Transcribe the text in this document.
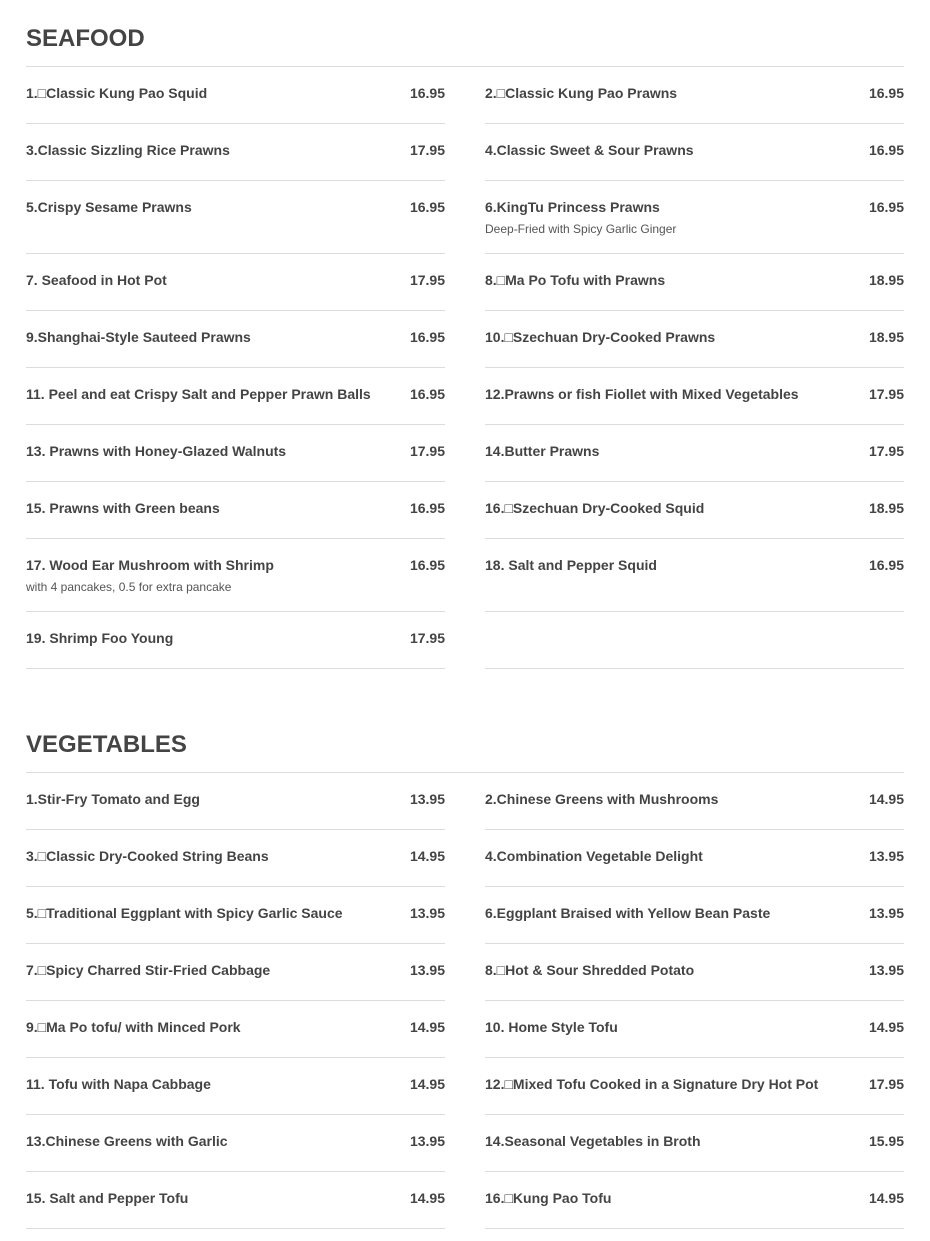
SEAFOOD
1.□Classic Kung Pao Squid	16.95	2.□Classic Kung Pao Prawns	16.95
3.Classic Sizzling Rice Prawns	17.95	4.Classic Sweet & Sour Prawns	16.95
5.Crispy Sesame Prawns	16.95	6.KingTu Princess Prawns	16.95
Deep-Fried with Spicy Garlic Ginger
7. Seafood in Hot Pot	17.95	8.□Ma Po Tofu with Prawns	18.95
9.Shanghai-Style Sauteed Prawns	16.95	10.□Szechuan Dry-Cooked Prawns	18.95
11. Peel and eat Crispy Salt and Pepper Prawn Balls	16.95	12.Prawns or fish Fiollet with Mixed Vegetables	17.95
13. Prawns with Honey-Glazed Walnuts	17.95	14.Butter Prawns	17.95
15. Prawns with Green beans	16.95	16.□Szechuan Dry-Cooked Squid	18.95
17. Wood Ear Mushroom with Shrimp	16.95
with 4 pancakes, 0.5 for extra pancake
18. Salt and Pepper Squid	16.95
19. Shrimp Foo Young	17.95
VEGETABLES
1.Stir-Fry Tomato and Egg	13.95	2.Chinese Greens with Mushrooms	14.95
3.□Classic Dry-Cooked String Beans	14.95	4.Combination Vegetable Delight	13.95
5.□Traditional Eggplant with Spicy Garlic Sauce	13.95	6.Eggplant Braised with Yellow Bean Paste	13.95
7.□Spicy Charred Stir-Fried Cabbage	13.95	8.□Hot & Sour Shredded Potato	13.95
9.□Ma Po tofu/ with Minced Pork	14.95	10. Home Style Tofu	14.95
11. Tofu with Napa Cabbage	14.95	12.□Mixed Tofu Cooked in a Signature Dry Hot Pot	17.95
13.Chinese Greens with Garlic	13.95	14.Seasonal Vegetables in Broth	15.95
15. Salt and Pepper Tofu	14.95	16.□Kung Pao Tofu	14.95
